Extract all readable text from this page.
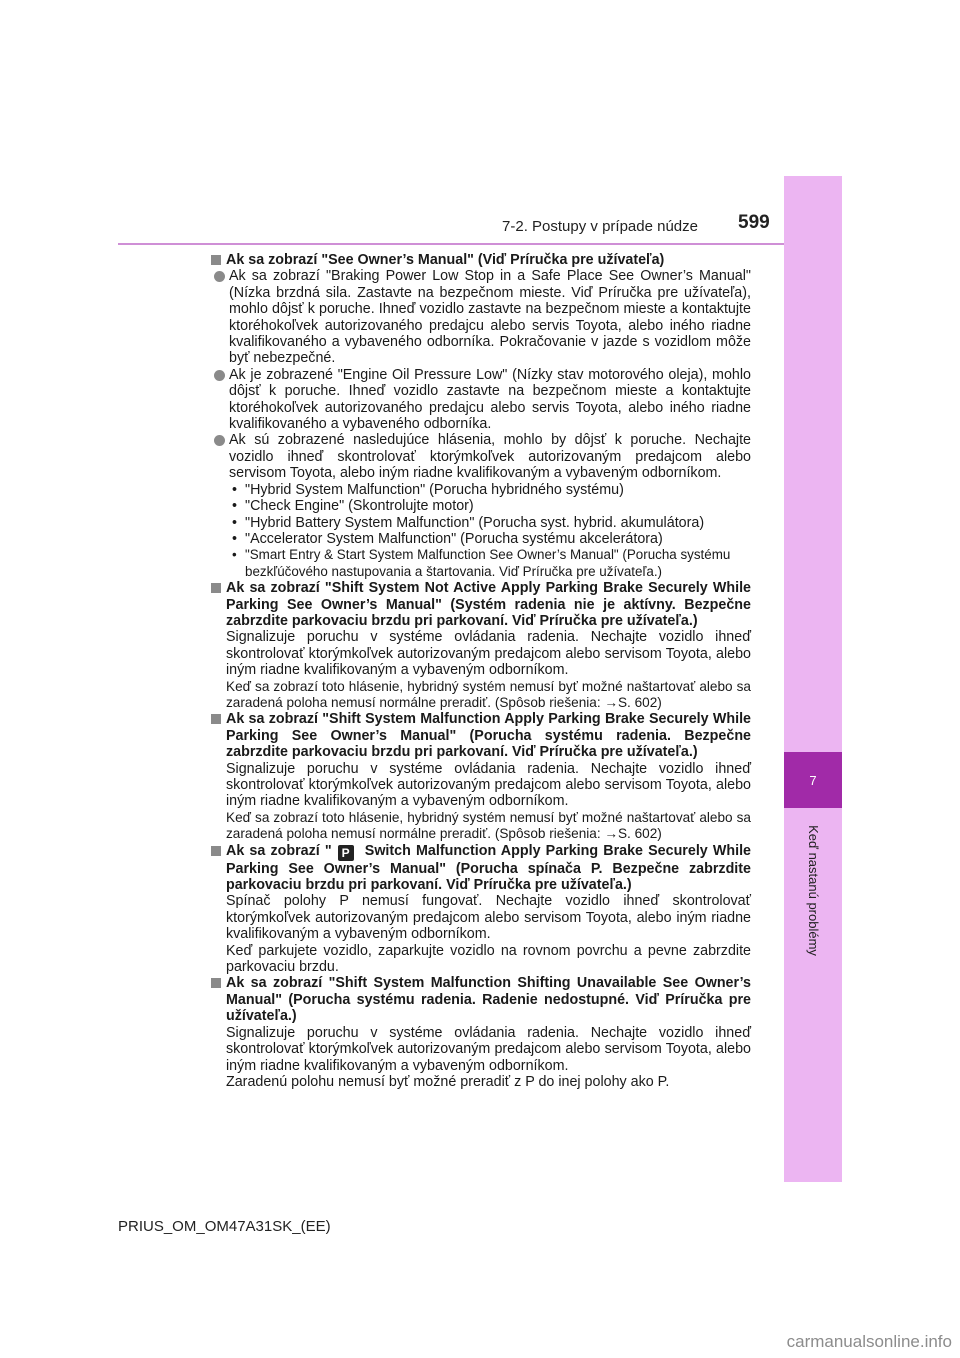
7
Keď nastanú problémy
7-2. Postupy v prípade núdze 599
Ak sa zobrazí "See Owner’s Manual" (Viď Príručka pre užívateľa)
Ak sa zobrazí "Braking Power Low Stop in a Safe Place See Owner’s Manual" (Nízka brzdná sila. Zastavte na bezpečnom mieste. Viď Príručka pre užívateľa), mohlo dôjsť k poruche. Ihneď vozidlo zastavte na bezpečnom mieste a kontaktujte ktoréhokoľvek autorizovaného predajcu alebo servis Toyota, alebo iného riadne kvalifikovaného a vybaveného odborníka. Pokračovanie v jazde s vozidlom môže byť nebezpečné.
Ak je zobrazené "Engine Oil Pressure Low" (Nízky stav motorového oleja), mohlo dôjsť k poruche. Ihneď vozidlo zastavte na bezpečnom mieste a kontaktujte ktoréhokoľvek autorizovaného predajcu alebo servis Toyota, alebo iného riadne kvalifikovaného a vybaveného odborníka.
Ak sú zobrazené nasledujúce hlásenia, mohlo by dôjsť k poruche. Nechajte vozidlo ihneď skontrolovať ktorýmkoľvek autorizovaným predajcom alebo servisom Toyota, alebo iným riadne kvalifikovaným a vybaveným odborníkom.
• "Hybrid System Malfunction" (Porucha hybridného systému)
• "Check Engine" (Skontrolujte motor)
• "Hybrid Battery System Malfunction" (Porucha syst. hybrid. akumulátora)
• "Accelerator System Malfunction" (Porucha systému akcelerátora)
• "Smart Entry & Start System Malfunction See Owner’s Manual" (Porucha systému bezkľúčového nastupovania a štartovania. Viď Príručka pre užívateľa.)
Ak sa zobrazí "Shift System Not Active Apply Parking Brake Securely While Parking See Owner’s Manual" (Systém radenia nie je aktívny. Bezpečne zabrzdite parkovaciu brzdu pri parkovaní. Viď Príručka pre užívateľa.)
Signalizuje poruchu v systéme ovládania radenia. Nechajte vozidlo ihneď skontrolovať ktorýmkoľvek autorizovaným predajcom alebo servisom Toyota, alebo iným riadne kvalifikovaným a vybaveným odborníkom.
Keď sa zobrazí toto hlásenie, hybridný systém nemusí byť možné naštartovať alebo sa zaradená poloha nemusí normálne preradiť. (Spôsob riešenia: →S. 602)
Ak sa zobrazí "Shift System Malfunction Apply Parking Brake Securely While Parking See Owner’s Manual" (Porucha systému radenia. Bezpečne zabrzdite parkovaciu brzdu pri parkovaní. Viď Príručka pre užívateľa.)
Signalizuje poruchu v systéme ovládania radenia. Nechajte vozidlo ihneď skontrolovať ktorýmkoľvek autorizovaným predajcom alebo servisom Toyota, alebo iným riadne kvalifikovaným a vybaveným odborníkom.
Keď sa zobrazí toto hlásenie, hybridný systém nemusí byť možné naštartovať alebo sa zaradená poloha nemusí normálne preradiť. (Spôsob riešenia: →S. 602)
Ak sa zobrazí " P Switch Malfunction Apply Parking Brake Securely While Parking See Owner’s Manual" (Porucha spínača P. Bezpečne zabrzdite parkovaciu brzdu pri parkovaní. Viď Príručka pre užívateľa.)
Spínač polohy P nemusí fungovať. Nechajte vozidlo ihneď skontrolovať ktorýmkoľvek autorizovaným predajcom alebo servisom Toyota, alebo iným riadne kvalifikovaným a vybaveným odborníkom.
Keď parkujete vozidlo, zaparkujte vozidlo na rovnom povrchu a pevne zabrzdite parkovaciu brzdu.
Ak sa zobrazí "Shift System Malfunction Shifting Unavailable See Owner’s Manual" (Porucha systému radenia. Radenie nedostupné. Viď Príručka pre užívateľa.)
Signalizuje poruchu v systéme ovládania radenia. Nechajte vozidlo ihneď skontrolovať ktorýmkoľvek autorizovaným predajcom alebo servisom Toyota, alebo iným riadne kvalifikovaným a vybaveným odborníkom.
Zaradenú polohu nemusí byť možné preradiť z P do inej polohy ako P.
PRIUS_OM_OM47A31SK_(EE)
carmanualsonline.info
